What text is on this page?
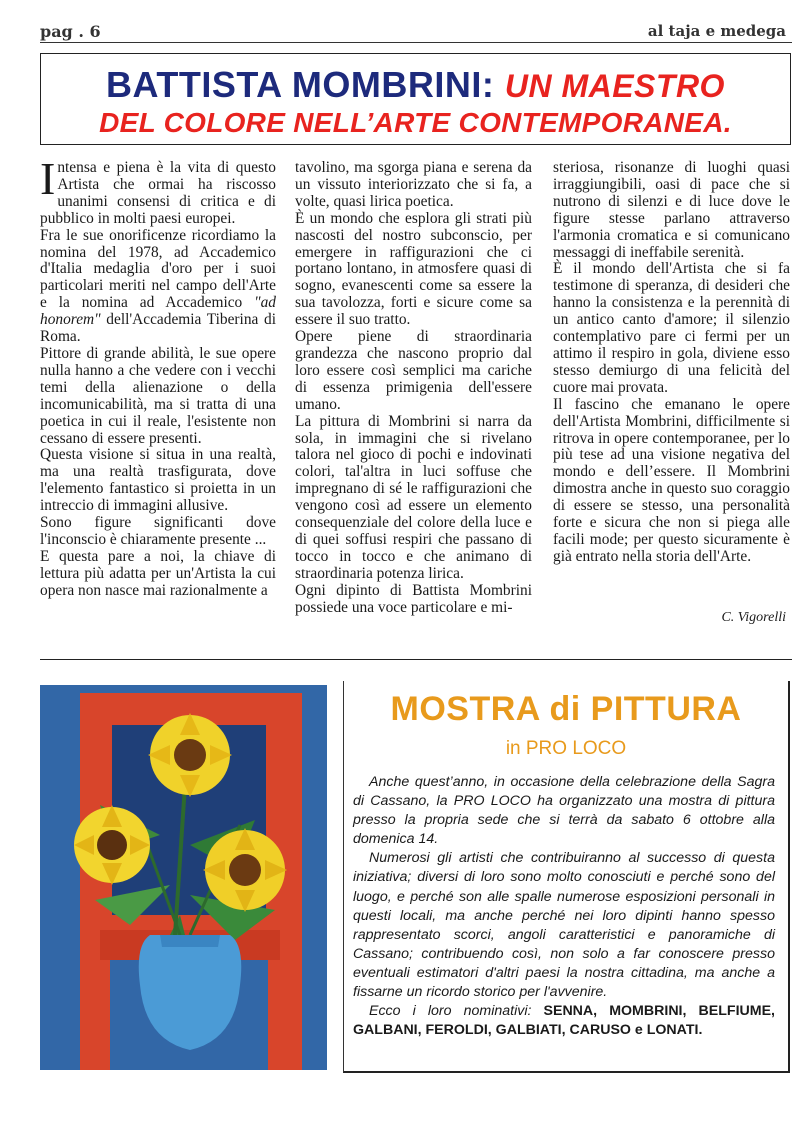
pag . 6	al taja e medega
BATTISTA MOMBRINI: UN MAESTRO
DEL COLORE NELL’ARTE CONTEMPORANEA.

Intensa e piena è la vita di questo Artista che ormai ha riscosso unanimi consensi di critica e di pubblico in molti paesi europei.

Fra le sue onorificenze ricordiamo la nomina del 1978, ad Accademico d'Italia medaglia d'oro per i suoi particolari meriti nel campo dell'Arte e la nomina ad Accademico "ad honorem" dell'Accademia Tiberina di Roma.

Pittore di grande abilità, le sue opere nulla hanno a che vedere con i vecchi temi della alienazione o della incomunicabilità, ma si tratta di una poetica in cui il reale, l'esistente non cessano di essere presenti.

Questa visione si situa in una realtà, ma una realtà trasfigurata, dove l'elemento fantastico si proietta in un intreccio di immagini allusive.

Sono figure significanti dove l'inconscio è chiaramente presente ...

E questa pare a noi, la chiave di lettura più adatta per un'Artista la cui opera non nasce mai razionalmente a

tavolino, ma sgorga piana e serena da un vissuto interiorizzato che si fa, a volte, quasi lirica poetica.

È un mondo che esplora gli strati più nascosti del nostro subconscio, per emergere in raffigurazioni che ci portano lontano, in atmosfere quasi di sogno, evanescenti come sa essere la sua tavolozza, forti e sicure come sa essere il suo tratto.

Opere piene di straordinaria grandezza che nascono proprio dal loro essere così semplici ma cariche di essenza primigenia dell'essere umano.

La pittura di Mombrini si narra da sola, in immagini che si rivelano talora nel gioco di pochi e indovinati colori, tal'altra in luci soffuse che impregnano di sé le raffigurazioni che vengono così ad essere un elemento consequenziale del colore della luce e di quei soffusi respiri che passano di tocco in tocco e che animano di straordinaria potenza lirica.

Ogni dipinto di Battista Mombrini possiede una voce particolare e mi-

steriosa, risonanze di luoghi quasi irraggiungibili, oasi di pace che si nutrono di silenzi e di luce dove le figure stesse parlano attraverso l'armonia cromatica e si comunicano messaggi di ineffabile serenità.

È il mondo dell'Artista che si fa testimone di speranza, di desideri che hanno la consistenza e la perennità di un antico canto d'amore; il silenzio contemplativo pare ci fermi per un attimo il respiro in gola, diviene esso stesso demiurgo di una felicità del cuore mai provata.

Il fascino che emanano le opere dell'Artista Mombrini, difficilmente si ritrova in opere contemporanee, per lo più tese ad una visione negativa del mondo e dell’essere. Il Mombrini dimostra anche in questo suo coraggio di essere se stesso, una personalità forte e sicura che non si piega alle facili mode; per questo sicuramente è già entrato nella storia dell'Arte.

C. Vigorelli
MOSTRA di PITTURA
in PRO LOCO

Anche quest’anno, in occasione della celebrazione della Sagra di Cassano, la PRO LOCO ha organizzato una mostra di pittura presso la propria sede che si terrà da sabato 6 ottobre alla domenica 14.

Numerosi gli artisti che contribuiranno al successo di questa iniziativa; diversi di loro sono molto conosciuti e perché sono del luogo, e perché son alle spalle numerose esposizioni personali in questi locali, ma anche perché nei loro dipinti hanno spesso rappresentato scorci, angoli caratteristici e panoramiche di Cassano; contribuendo così, non solo a far conoscere presso eventuali estimatori d'altri paesi la nostra cittadina, ma anche a fissarne un ricordo storico per l'avvenire.

Ecco i loro nominativi: SENNA, MOMBRINI, BELFIUME, GALBANI, FEROLDI, GALBIATI, CARUSO e LONATI.
